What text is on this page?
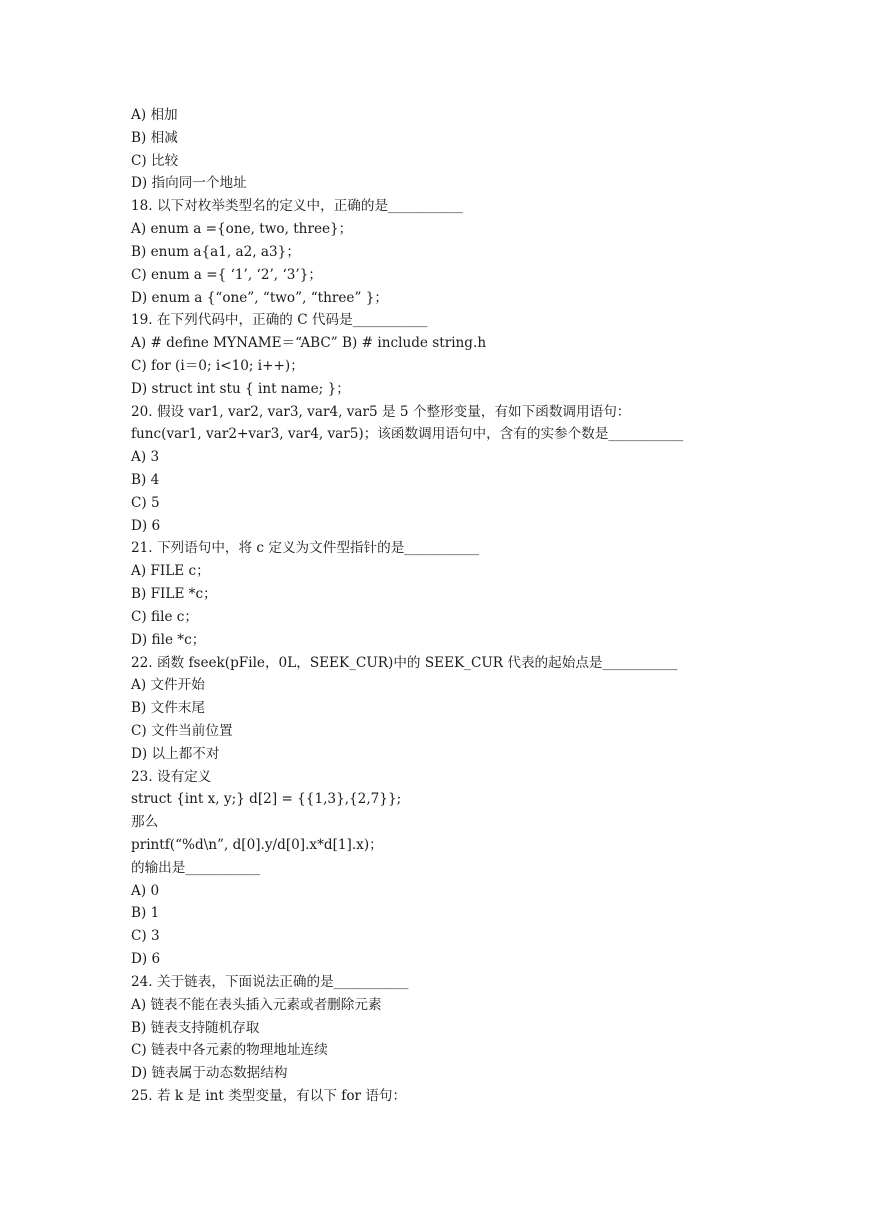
A) 相加
B) 相减
C) 比较
D) 指向同一个地址
18. 以下对枚举类型名的定义中，正确的是___________
A) enum a ={one, two, three}；
B) enum a{a1, a2, a3}；
C) enum a ={ ‘1’, ‘2’, ‘3’}；
D) enum a {“one”, “two”, “three” }；
19. 在下列代码中，正确的 C 代码是___________
A) # define MYNAME＝“ABC” B) # include string.h
C) for (i＝0; i<10; i++)；
D) struct int stu { int name; }；
20. 假设 var1, var2, var3, var4, var5 是 5 个整形变量，有如下函数调用语句：
func(var1, var2+var3, var4, var5)；该函数调用语句中，含有的实参个数是___________
A) 3
B) 4
C) 5
D) 6
21. 下列语句中，将 c 定义为文件型指针的是___________
A) FILE c；
B) FILE *c；
C) file c；
D) file *c；
22. 函数 fseek(pFile，0L，SEEK_CUR)中的 SEEK_CUR 代表的起始点是___________
A) 文件开始
B) 文件末尾
C) 文件当前位置
D) 以上都不对
23. 设有定义
struct {int x, y;} d[2] = {{1,3},{2,7}};
那么
printf(“%d\n”, d[0].y/d[0].x*d[1].x)；
的输出是___________
A) 0
B) 1
C) 3
D) 6
24. 关于链表，下面说法正确的是___________
A) 链表不能在表头插入元素或者删除元素
B) 链表支持随机存取
C) 链表中各元素的物理地址连续
D) 链表属于动态数据结构
25. 若 k 是 int 类型变量，有以下 for 语句：
